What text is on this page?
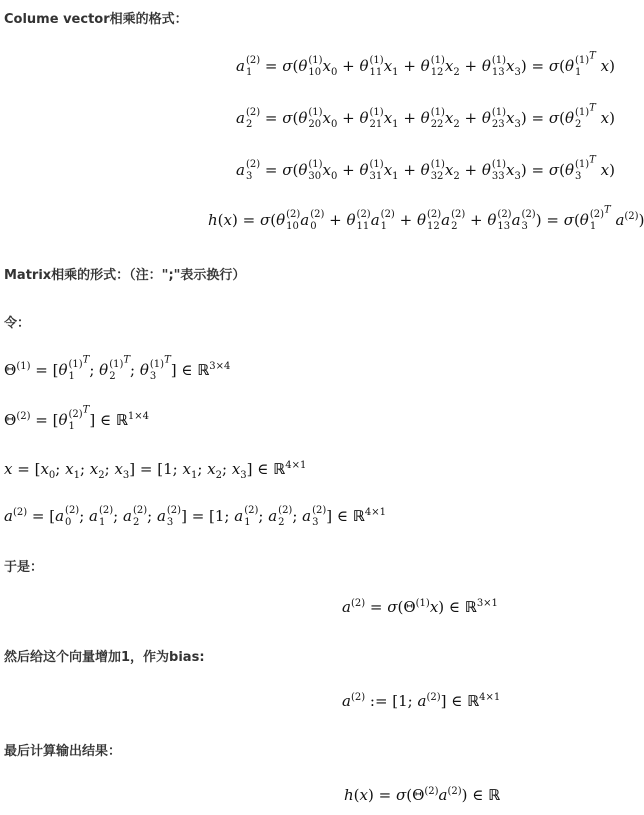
Colume vector相乘的格式：
a (2)
1 = σ(θ (1)
10 $x_0 + \theta$ (1)
11 $x_1 + \theta$ (1)
12 $x_2 + \theta$ (1)
13 $x_3) = \sigma(\theta$ $(1)^T$
1	x)
a (2)
2 = σ(θ (1)
20 $x_0 + \theta$ (1)
21 $x_1 + \theta$ (1)
22 $x_2 + \theta$ (1)
23 $x_3) = \sigma(\theta$ $(1)^T$
2	x)
a (2)
3 = σ(θ (1)
30 $x_0 + \theta$ (1)
31 $x_1 + \theta$ (1)
32 $x_2 + \theta$ (1)
33 $x_3) = \sigma(\theta$ $(1)^T$
3	x)
h(x) = σ(θ (2)
10 a (2)
0 + θ (2)
11 a (2)
1 + θ (2)
12 a (2)
2 + θ (2)
13 a (2)
3 ) = σ(θ $(2)^T$
1	$a^{(2)}$)
Matrix相乘的形式：（注：";"表示换行）
令：
$\Theta^{(1)} = [\theta$ $(1)^T$
1 ; θ $(1)^T$
2 ; θ $(1)^T$
3 ] ∈ ℝ$^{3\times 4}$
$\Theta^{(2)} = [\theta$ $(2)^T$
1 ] ∈ ℝ$^{1\times 4}$
$x = [x_0$; $x_1$; $x_2$; $x_3] = [1$; $x_1$; $x_2$; $x_3$] ∈ ℝ$^{4\times 1}$
$a^{(2)} = [a$ (2)
0 ; a (2)
1 ; a (2)
2 ; a (2)
3 ] = [1; a (2)
1 ; a (2)
2 ; a (2)
3 ] ∈ ℝ$^{4\times 1}$
于是：
$a^{(2)} = \sigma(\Theta^{(1)}x)$ ∈ ℝ$^{3\times 1}$
然后给这个向量增加1，作为bias:
$a^{(2)}$ := [1; $a^{(2)}$] ∈ ℝ$^{4\times 1}$
最后计算输出结果：
$h(x) = \sigma(\Theta^{(2)}a^{(2)})$ ∈ ℝ
